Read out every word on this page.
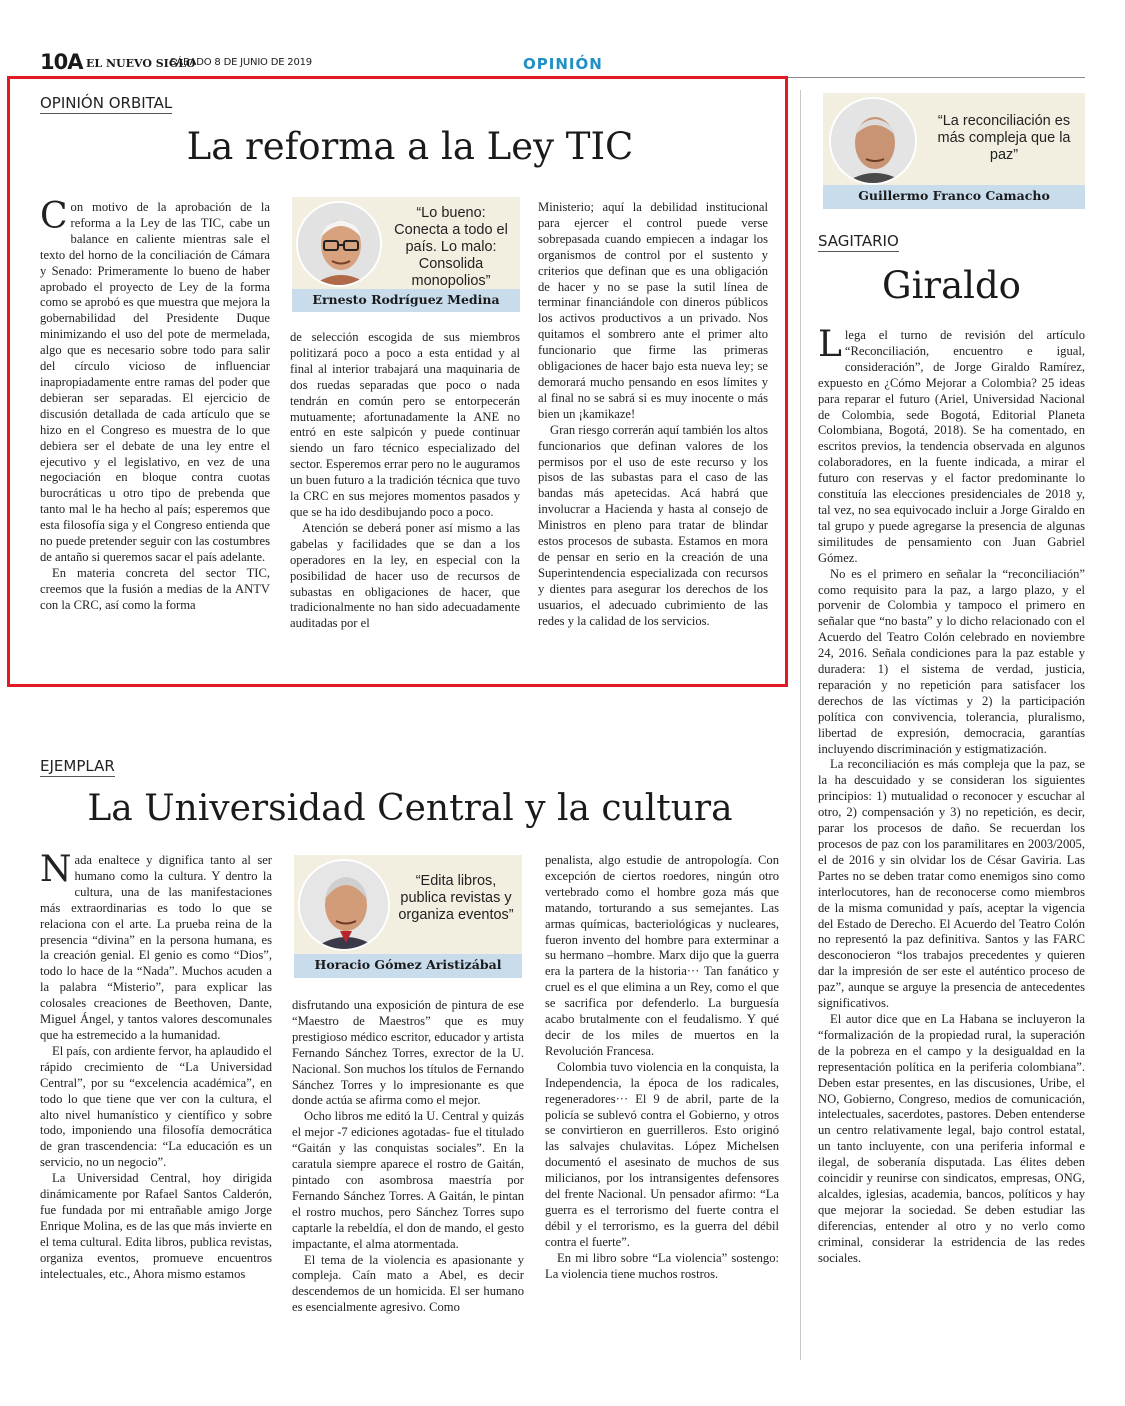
10A EL NUEVO SIGLO
SÁBADO 8 DE JUNIO DE 2019	OPINIÓN
OPINIÓN ORBITAL
La reforma a la Ley TIC

Con motivo de la aprobación de la reforma a la Ley de las TIC, cabe un balance en caliente mientras sale el texto del horno de la conciliación de Cámara y Senado: Primeramente lo bueno de haber aprobado el proyecto de Ley de la forma como se aprobó es que muestra que mejora la gobernabilidad del Presidente Duque minimizando el uso del pote de mermelada, algo que es necesario sobre todo para salir del círculo vicioso de influenciar inapropiadamente entre ramas del poder que debieran ser separadas. El ejercicio de discusión detallada de cada artículo que se hizo en el Congreso es muestra de lo que debiera ser el debate de una ley entre el ejecutivo y el legislativo, en vez de una negociación en bloque contra cuotas burocráticas u otro tipo de prebenda que tanto mal le ha hecho al país; esperemos que esta filosofía siga y el Congreso entienda que no puede pretender seguir con las costumbres de antaño si queremos sacar el país adelante.

En materia concreta del sector TIC, creemos que la fusión a medias de la ANTV con la CRC, así como la forma

“Lo bueno: Conecta a todo el país. Lo malo: Consolida monopolios”
Ernesto Rodríguez Medina

de selección escogida de sus miembros politizará poco a poco a esta entidad y al final al interior trabajará una maquinaria de dos ruedas separadas que poco o nada tendrán en común pero se entorpecerán mutuamente; afortunadamente la ANE no entró en este salpicón y puede continuar siendo un faro técnico especializado del sector. Esperemos errar pero no le auguramos un buen futuro a la tradición técnica que tuvo la CRC en sus mejores momentos pasados y que se ha ido desdibujando poco a poco.

Atención se deberá poner así mismo a las gabelas y facilidades que se dan a los operadores en la ley, en especial con la posibilidad de hacer uso de recursos de subastas en obligaciones de hacer, que tradicionalmente no han sido adecuadamente auditadas por el

Ministerio; aquí la debilidad institucional para ejercer el control puede verse sobrepasada cuando empiecen a indagar los organismos de control por el sustento y criterios que definan que es una obligación de hacer y no se pase la sutil línea de terminar financiándole con dineros públicos los activos productivos a un privado. Nos quitamos el sombrero ante el primer alto funcionario que firme las primeras obligaciones de hacer bajo esta nueva ley; se demorará mucho pensando en esos límites y al final no se sabrá si es muy inocente o más bien un ¡kamikaze!

Gran riesgo correrán aquí también los altos funcionarios que definan valores de los permisos por el uso de este recurso y los pisos de las subastas para el caso de las bandas más apetecidas. Acá habrá que involucrar a Hacienda y hasta al consejo de Ministros en pleno para tratar de blindar estos procesos de subasta. Estamos en mora de pensar en serio en la creación de una Superintendencia especializada con recursos y dientes para asegurar los derechos de los usuarios, el adecuado cubrimiento de las redes y la calidad de los servicios.

EJEMPLAR
La Universidad Central y la cultura

Nada enaltece y dignifica tanto al ser humano como la cultura. Y dentro la cultura, una de las manifestaciones más extraordinarias es todo lo que se relaciona con el arte. La prueba reina de la presencia “divina” en la persona humana, es la creación genial. El genio es como “Dios”, todo lo hace de la “Nada”. Muchos acuden a la palabra “Misterio”, para explicar las colosales creaciones de Beethoven, Dante, Miguel Ángel, y tantos valores descomunales que ha estremecido a la humanidad.

El país, con ardiente fervor, ha aplaudido el rápido crecimiento de “La Universidad Central”, por su “excelencia académica”, en todo lo que tiene que ver con la cultura, el alto nivel humanístico y científico y sobre todo, imponiendo una filosofía democrática de gran trascendencia: “La educación es un servicio, no un negocio”.

La Universidad Central, hoy dirigida dinámicamente por Rafael Santos Calderón, fue fundada por mi entrañable amigo Jorge Enrique Molina, es de las que más invierte en el tema cultural. Edita libros, publica revistas, organiza eventos, promueve encuentros intelectuales, etc., Ahora mismo estamos

“Edita libros, publica revistas y organiza eventos”
Horacio Gómez Aristizábal

disfrutando una exposición de pintura de ese “Maestro de Maestros” que es muy prestigioso médico escritor, educador y artista Fernando Sánchez Torres, exrector de la U. Nacional. Son muchos los títulos de Fernando Sánchez Torres y lo impresionante es que donde actúa se afirma como el mejor.

Ocho libros me editó la U. Central y quizás el mejor -7 ediciones agotadas- fue el titulado “Gaitán y las conquistas sociales”. En la caratula siempre aparece el rostro de Gaitán, pintado con asombrosa maestría por Fernando Sánchez Torres. A Gaitán, le pintan el rostro muchos, pero Sánchez Torres supo captarle la rebeldía, el don de mando, el gesto impactante, el alma atormentada.

El tema de la violencia es apasionante y compleja. Caín mato a Abel, es decir descendemos de un homicida. El ser humano es esencialmente agresivo. Como

penalista, algo estudie de antropología. Con excepción de ciertos roedores, ningún otro vertebrado como el hombre goza más que matando, torturando a sus semejantes. Las armas químicas, bacteriológicas y nucleares, fueron invento del hombre para exterminar a su hermano –hombre. Marx dijo que la guerra era la partera de la historia··· Tan fanático y cruel es el que elimina a un Rey, como el que se sacrifica por defenderlo. La burguesía acabo brutalmente con el feudalismo. Y qué decir de los miles de muertos en la Revolución Francesa.

Colombia tuvo violencia en la conquista, la Independencia, la época de los radicales, regeneradores··· El 9 de abril, parte de la policía se sublevó contra el Gobierno, y otros se convirtieron en guerrilleros. Esto originó las salvajes chulavitas. López Michelsen documentó el asesinato de muchos de sus milicianos, por los intransigentes defensores del frente Nacional. Un pensador afirmo: “La guerra es el terrorismo del fuerte contra el débil y el terrorismo, es la guerra del débil contra el fuerte”.

En mi libro sobre “La violencia” sostengo: La violencia tiene muchos rostros.

“La reconciliación es más compleja que la paz”
Guillermo Franco Camacho
SAGITARIO
Giraldo

Llega el turno de revisión del artículo “Reconciliación, encuentro e igual, consideración”, de Jorge Giraldo Ramírez, expuesto en ¿Cómo Mejorar a Colombia? 25 ideas para reparar el futuro (Ariel, Universidad Nacional de Colombia, sede Bogotá, Editorial Planeta Colombiana, Bogotá, 2018). Se ha comentado, en escritos previos, la tendencia observada en algunos colaboradores, en la fuente indicada, a mirar el futuro con reservas y el factor predominante lo constituía las elecciones presidenciales de 2018 y, tal vez, no sea equivocado incluir a Jorge Giraldo en tal grupo y puede agregarse la presencia de algunas similitudes de pensamiento con Juan Gabriel Gómez.

No es el primero en señalar la “reconciliación” como requisito para la paz, a largo plazo, y el porvenir de Colombia y tampoco el primero en señalar que “no basta” y lo dicho relacionado con el Acuerdo del Teatro Colón celebrado en noviembre 24, 2016. Señala condiciones para la paz estable y duradera: 1) el sistema de verdad, justicia, reparación y no repetición para satisfacer los derechos de las víctimas y 2) la participación política con convivencia, tolerancia, pluralismo, libertad de expresión, democracia, garantías incluyendo discriminación y estigmatización.

La reconciliación es más compleja que la paz, se la ha descuidado y se consideran los siguientes principios: 1) mutualidad o reconocer y escuchar al otro, 2) compensación y 3) no repetición, es decir, parar los procesos de daño. Se recuerdan los procesos de paz con los paramilitares en 2003/2005, el de 2016 y sin olvidar los de César Gaviria. Las Partes no se deben tratar como enemigos sino como interlocutores, han de reconocerse como miembros de la misma comunidad y país, aceptar la vigencia del Estado de Derecho. El Acuerdo del Teatro Colón no representó la paz definitiva. Santos y las FARC desconocieron “los trabajos precedentes y quieren dar la impresión de ser este el auténtico proceso de paz”, aunque se arguye la presencia de antecedentes significativos.

El autor dice que en La Habana se incluyeron la “formalización de la propiedad rural, la superación de la pobreza en el campo y la desigualdad en la representación política en la periferia colombiana”. Deben estar presentes, en las discusiones, Uribe, el NO, Gobierno, Congreso, medios de comunicación, intelectuales, sacerdotes, pastores. Deben entenderse un centro relativamente legal, bajo control estatal, un tanto incluyente, con una periferia informal e ilegal, de soberanía disputada. Las élites deben coincidir y reunirse con sindicatos, empresas, ONG, alcaldes, iglesias, academia, bancos, políticos y hay que mejorar la sociedad. Se deben estudiar las diferencias, entender al otro y no verlo como criminal, considerar la estridencia de las redes sociales.
